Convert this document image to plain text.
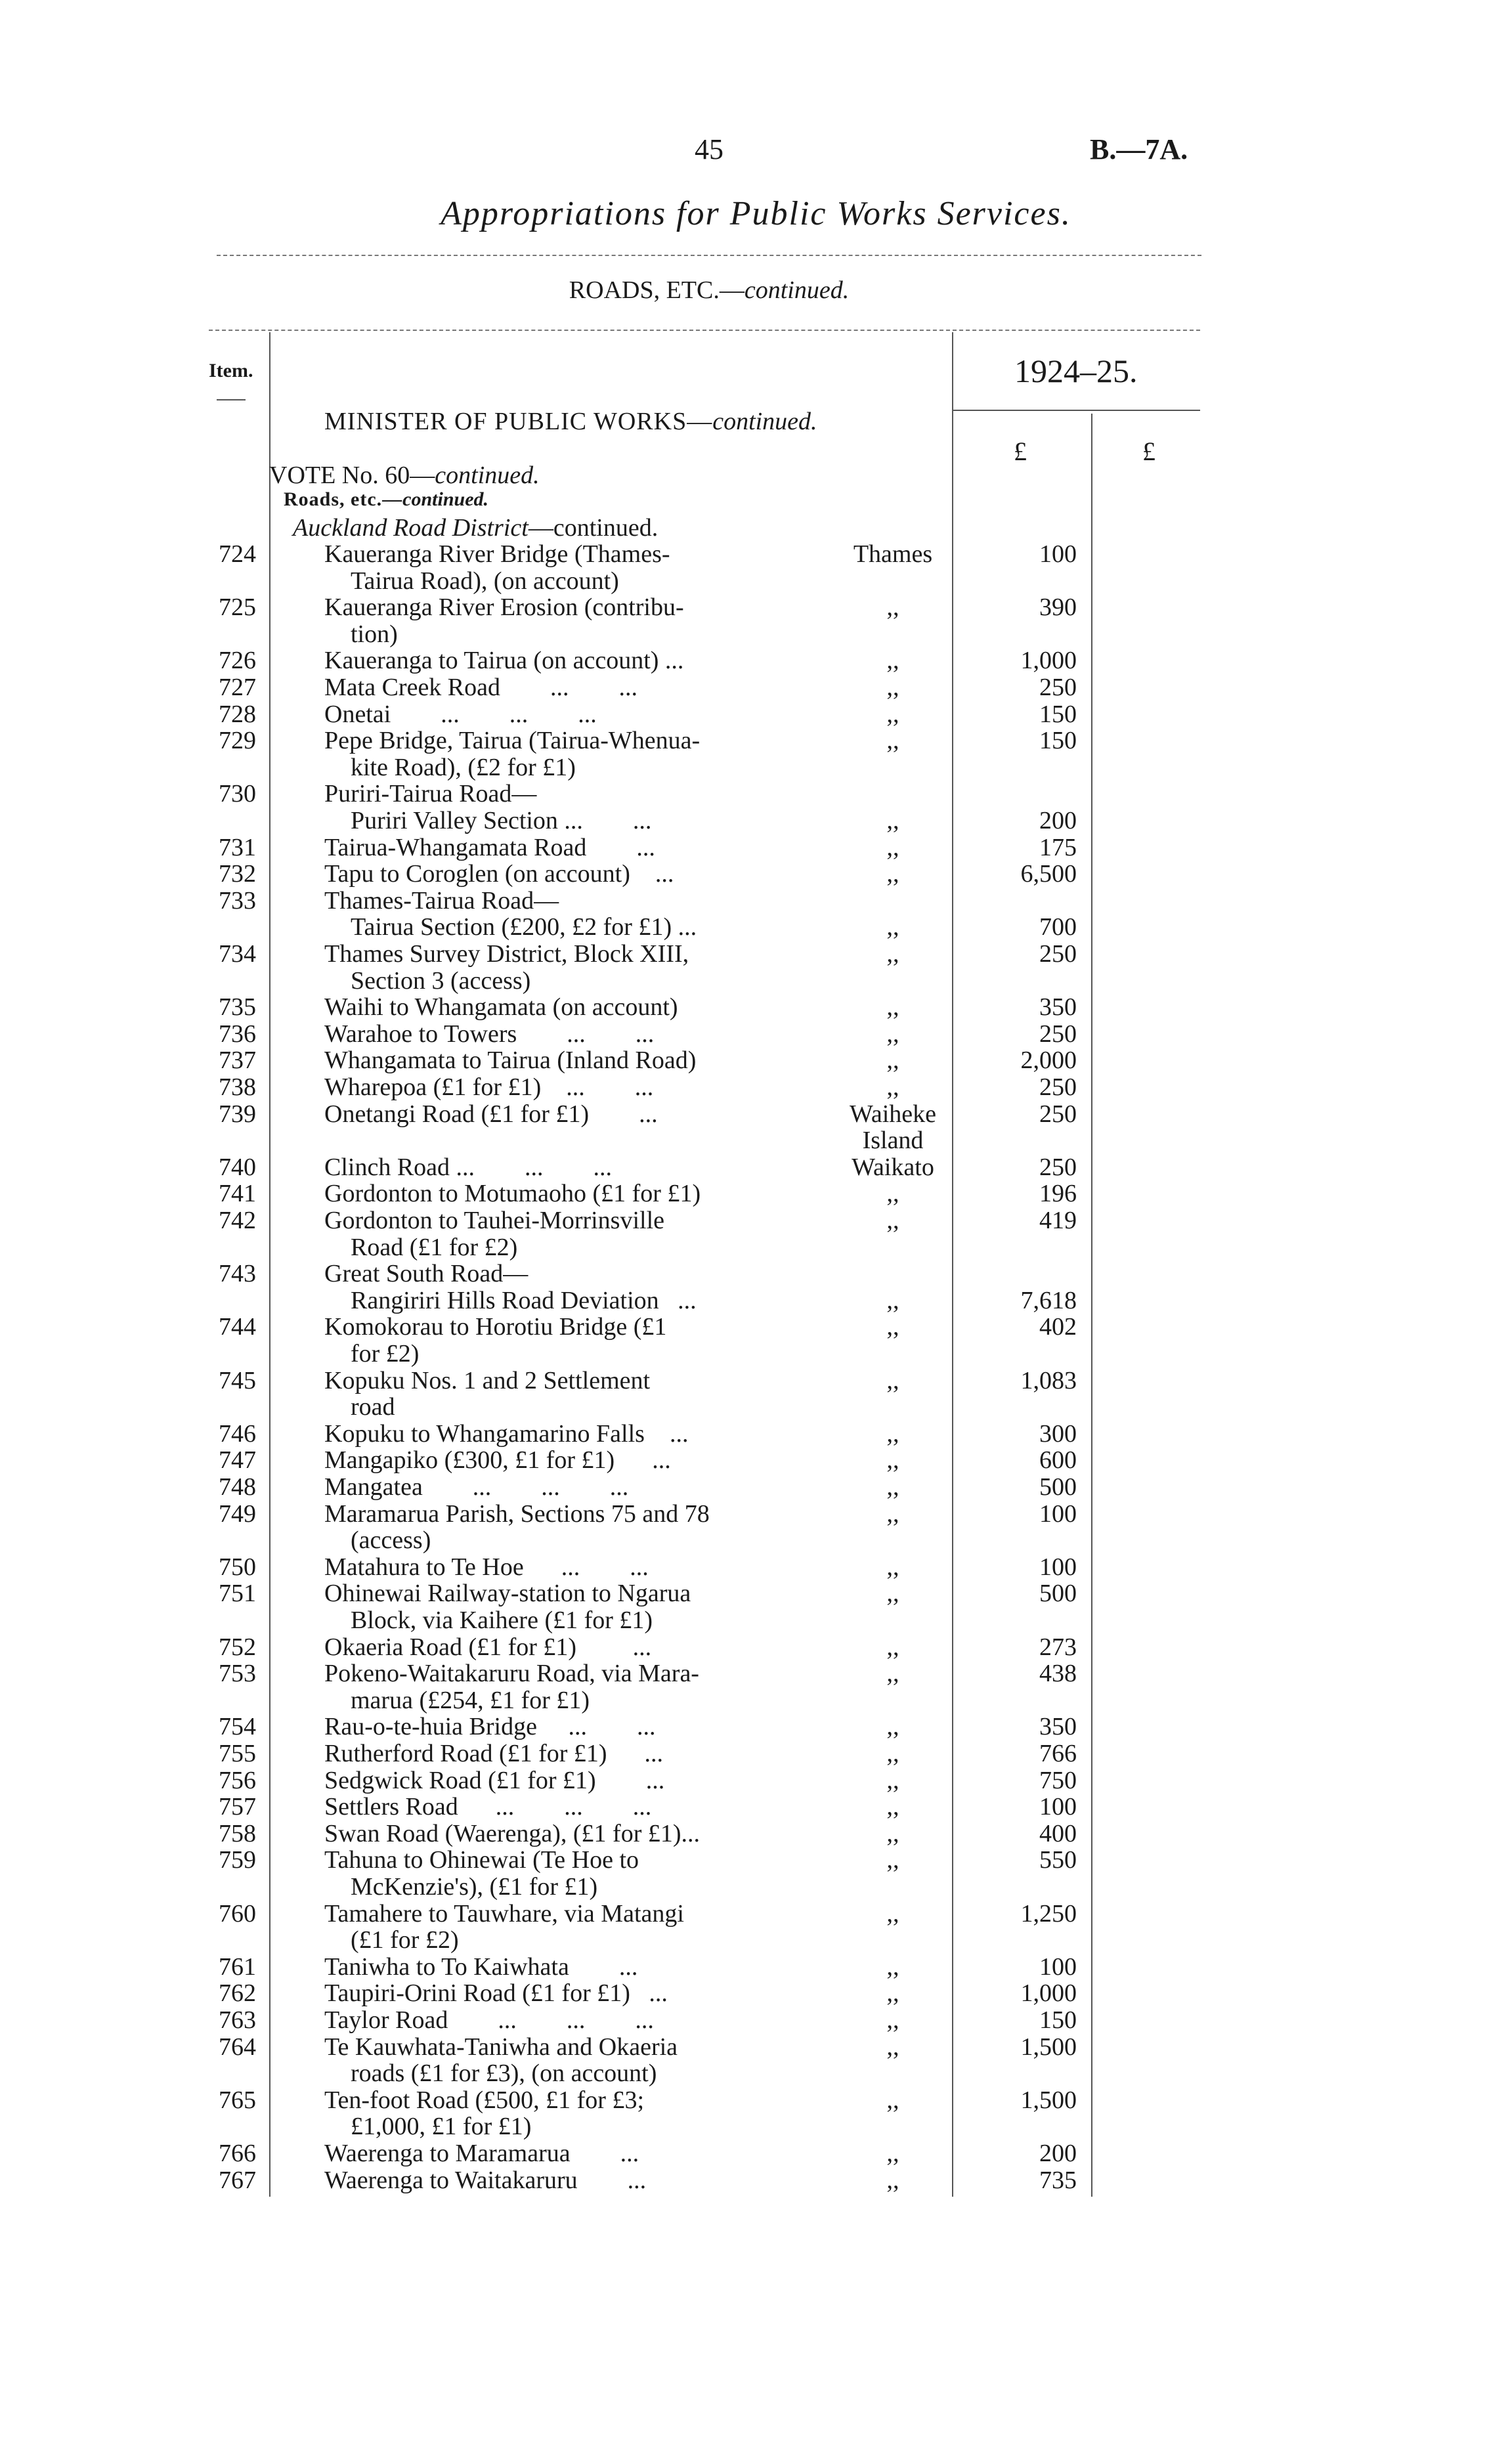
45	B.—7A.
Appropriations for Public Works Services.
ROADS, ETC.—continued.
Item.	1924–25.
£	£
MINISTER OF PUBLIC WORKS—continued.
VOTE No. 60—continued.
Roads, etc.—continued.
Auckland Road District—continued.
724	Kaueranga River Bridge (Thames-	Thames	100
Tairua Road), (on account)
725	Kaueranga River Erosion (contribu-	,,	390
tion)
726	Kaueranga to Tairua (on account) ...	,,	1,000
727	Mata Creek Road        ...        ...	,,	250
728	Onetai        ...        ...        ...	,,	150
729	Pepe Bridge, Tairua (Tairua-Whenua-	,,	150
kite Road), (£2 for £1)
730	Puriri-Tairua Road—
Puriri Valley Section ...        ...	,,	200
731	Tairua-Whangamata Road        ...	,,	175
732	Tapu to Coroglen (on account)    ...	,,	6,500
733	Thames-Tairua Road—
Tairua Section (£200, £2 for £1) ...	,,	700
734	Thames Survey District, Block XIII,	,,	250
Section 3 (access)
735	Waihi to Whangamata (on account)	,,	350
736	Warahoe to Towers        ...        ...	,,	250
737	Whangamata to Tairua (Inland Road)	,,	2,000
738	Wharepoa (£1 for £1)    ...        ...	,,	250
739	Onetangi Road (£1 for £1)        ...	Waiheke	250
Island
740	Clinch Road ...        ...        ...	Waikato	250
741	Gordonton to Motumaoho (£1 for £1)	,,	196
742	Gordonton to Tauhei-Morrinsville	,,	419
Road (£1 for £2)
743	Great South Road—
Rangiriri Hills Road Deviation   ...	,,	7,618
744	Komokorau to Horotiu Bridge (£1	,,	402
for £2)
745	Kopuku Nos. 1 and 2 Settlement	,,	1,083
road
746	Kopuku to Whangamarino Falls    ...	,,	300
747	Mangapiko (£300, £1 for £1)      ...	,,	600
748	Mangatea        ...        ...        ...	,,	500
749	Maramarua Parish, Sections 75 and 78	,,	100
(access)
750	Matahura to Te Hoe      ...        ...	,,	100
751	Ohinewai Railway-station to Ngarua	,,	500
Block, via Kaihere (£1 for £1)
752	Okaeria Road (£1 for £1)         ...	,,	273
753	Pokeno-Waitakaruru Road, via Mara-	,,	438
marua (£254, £1 for £1)
754	Rau-o-te-huia Bridge     ...        ...	,,	350
755	Rutherford Road (£1 for £1)      ...	,,	766
756	Sedgwick Road (£1 for £1)        ...	,,	750
757	Settlers Road      ...        ...        ...	,,	100
758	Swan Road (Waerenga), (£1 for £1)...	,,	400
759	Tahuna to Ohinewai (Te Hoe to	,,	550
McKenzie's), (£1 for £1)
760	Tamahere to Tauwhare, via Matangi	,,	1,250
(£1 for £2)
761	Taniwha to To Kaiwhata        ...	,,	100
762	Taupiri-Orini Road (£1 for £1)   ...	,,	1,000
763	Taylor Road        ...        ...        ...	,,	150
764	Te Kauwhata-Taniwha and Okaeria	,,	1,500
roads (£1 for £3), (on account)
765	Ten-foot Road (£500, £1 for £3;	,,	1,500
£1,000, £1 for £1)
766	Waerenga to Maramarua        ...	,,	200
767	Waerenga to Waitakaruru        ...	,,	735
